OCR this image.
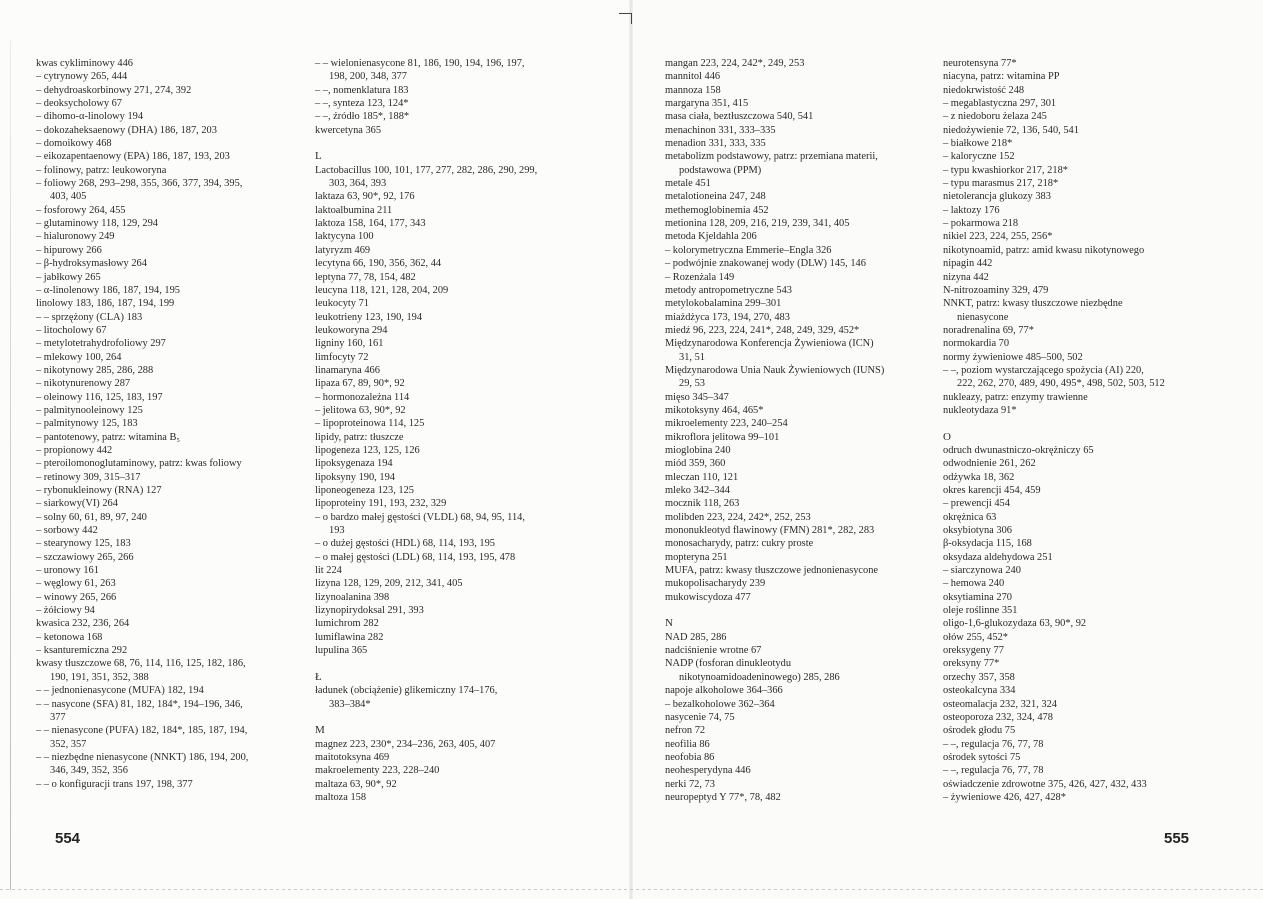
kwas cykliminowy 446
– cytrynowy 265, 444
– dehydroaskorbinowy 271, 274, 392
– deoksycholowy 67
– dihomo-α-linolowy 194
– dokozaheksaenowy (DHA) 186, 187, 203
– domoikowy 468
– eikozapentaenowy (EPA) 186, 187, 193, 203
– folinowy, patrz: leukoworyna
– foliowy 268, 293–298, 355, 366, 377, 394, 395,
403, 405
– fosforowy 264, 455
– glutaminowy 118, 129, 294
– hialuronowy 249
– hipurowy 266
– β-hydroksymasłowy 264
– jabłkowy 265
– α-linolenowy 186, 187, 194, 195
linolowy 183, 186, 187, 194, 199
– – sprzężony (CLA) 183
– litocholowy 67
– metylotetrahydrofoliowy 297
– mlekowy 100, 264
– nikotynowy 285, 286, 288
– nikotynurenowy 287
– oleinowy 116, 125, 183, 197
– palmitynooleinowy 125
– palmitynowy 125, 183
– pantotenowy, patrz: witamina B₅
– propionowy 442
– pteroilomonoglutaminowy, patrz: kwas foliowy
– retinowy 309, 315–317
– rybonukleinowy (RNA) 127
– siarkowy(VI) 264
– solny 60, 61, 89, 97, 240
– sorbowy 442
– stearynowy 125, 183
– szczawiowy 265, 266
– uronowy 161
– węglowy 61, 263
– winowy 265, 266
– żółciowy 94
kwasica 232, 236, 264
– ketonowa 168
– ksanturemiczna 292
kwasy tłuszczowe 68, 76, 114, 116, 125, 182, 186,
190, 191, 351, 352, 388
– – jednonienasycone (MUFA) 182, 194
– – nasycone (SFA) 81, 182, 184*, 194–196, 346,
377
– – nienasycone (PUFA) 182, 184*, 185, 187, 194,
352, 357
– – niezbędne nienasycone (NNKT) 186, 194, 200,
346, 349, 352, 356
– – o konfiguracji trans 197, 198, 377
– – wielonienasycone 81, 186, 190, 194, 196, 197,
198, 200, 348, 377
– –, nomenklatura 183
– –, synteza 123, 124*
– –, źródło 185*, 188*
kwercetyna 365
L
Lactobacillus 100, 101, 177, 277, 282, 286, 290, 299,
303, 364, 393
laktaza 63, 90*, 92, 176
laktoalbumina 211
laktoza 158, 164, 177, 343
laktycyna 100
latyryzm 469
lecytyna 66, 190, 356, 362, 44
leptyna 77, 78, 154, 482
leucyna 118, 121, 128, 204, 209
leukocyty 71
leukotrieny 123, 190, 194
leukoworyna 294
ligniny 160, 161
limfocyty 72
linamaryna 466
lipaza 67, 89, 90*, 92
– hormonozależna 114
– jelitowa 63, 90*, 92
– lipoproteinowa 114, 125
lipidy, patrz: tłuszcze
lipogeneza 123, 125, 126
lipoksygenaza 194
lipoksyny 190, 194
liponeogeneza 123, 125
lipoproteiny 191, 193, 232, 329
– o bardzo małej gęstości (VLDL) 68, 94, 95, 114,
193
– o dużej gęstości (HDL) 68, 114, 193, 195
– o małej gęstości (LDL) 68, 114, 193, 195, 478
lit 224
lizyna 128, 129, 209, 212, 341, 405
lizynoalanina 398
lizynopirydoksal 291, 393
lumichrom 282
lumiflawina 282
lupulina 365
Ł
ładunek (obciążenie) glikemiczny 174–176,
383–384*
M
magnez 223, 230*, 234–236, 263, 405, 407
maitotoksyna 469
makroelementy 223, 228–240
maltaza 63, 90*, 92
maltoza 158
mangan 223, 224, 242*, 249, 253
mannitol 446
mannoza 158
margaryna 351, 415
masa ciała, beztłuszczowa 540, 541
menachinon 331, 333–335
menadion 331, 333, 335
metabolizm podstawowy, patrz: przemiana materii,
podstawowa (PPM)
metale 451
metalotioneina 247, 248
methemoglobinemia 452
metionina 128, 209, 216, 219, 239, 341, 405
metoda Kjeldahla 206
– kolorymetryczna Emmerie–Engla 326
– podwójnie znakowanej wody (DLW) 145, 146
– Rozenżala 149
metody antropometryczne 543
metylokobalamina 299–301
miażdżyca 173, 194, 270, 483
miedź 96, 223, 224, 241*, 248, 249, 329, 452*
Międzynarodowa Konferencja Żywieniowa (ICN)
31, 51
Międzynarodowa Unia Nauk Żywieniowych (IUNS)
29, 53
mięso 345–347
mikotoksyny 464, 465*
mikroelementy 223, 240–254
mikroflora jelitowa 99–101
mioglobina 240
miód 359, 360
mleczan 110, 121
mleko 342–344
mocznik 118, 263
molibden 223, 224, 242*, 252, 253
mononukleotyd flawinowy (FMN) 281*, 282, 283
monosacharydy, patrz: cukry proste
mopteryna 251
MUFA, patrz: kwasy tłuszczowe jednonienasycone
mukopolisacharydy 239
mukowiscydoza 477
N
NAD 285, 286
nadciśnienie wrotne 67
NADP (fosforan dinukleotydu
nikotynoamidoadeninowego) 285, 286
napoje alkoholowe 364–366
– bezalkoholowe 362–364
nasycenie 74, 75
nefron 72
neofilia 86
neofobia 86
neohesperydyna 446
nerki 72, 73
neuropeptyd Y 77*, 78, 482
neurotensyna 77*
niacyna, patrz: witamina PP
niedokrwistość 248
– megablastyczna 297, 301
– z niedoboru żelaza 245
niedożywienie 72, 136, 540, 541
– białkowe 218*
– kaloryczne 152
– typu kwashiorkor 217, 218*
– typu marasmus 217, 218*
nietolerancja glukozy 383
– laktozy 176
– pokarmowa 218
nikiel 223, 224, 255, 256*
nikotynoamid, patrz: amid kwasu nikotynowego
nipagin 442
nizyna 442
N-nitrozoaminy 329, 479
NNKT, patrz: kwasy tłuszczowe niezbędne
nienasycone
noradrenalina 69, 77*
normokardia 70
normy żywieniowe 485–500, 502
– –, poziom wystarczającego spożycia (AI) 220,
222, 262, 270, 489, 490, 495*, 498, 502, 503, 512
nukleazy, patrz: enzymy trawienne
nukleotydaza 91*
O
odruch dwunastniczo-okrężniczy 65
odwodnienie 261, 262
odżywka 18, 362
okres karencji 454, 459
– prewencji 454
okrężnica 63
oksybiotyna 306
β-oksydacja 115, 168
oksydaza aldehydowa 251
– siarczynowa 240
– hemowa 240
oksytiamina 270
oleje roślinne 351
oligo-1,6-glukozydaza 63, 90*, 92
ołów 255, 452*
oreksygeny 77
oreksyny 77*
orzechy 357, 358
osteokalcyna 334
osteomalacja 232, 321, 324
osteoporoza 232, 324, 478
ośrodek głodu 75
– –, regulacja 76, 77, 78
ośrodek sytości 75
– –, regulacja 76, 77, 78
oświadczenie zdrowotne 375, 426, 427, 432, 433
– żywieniowe 426, 427, 428*
554	555
